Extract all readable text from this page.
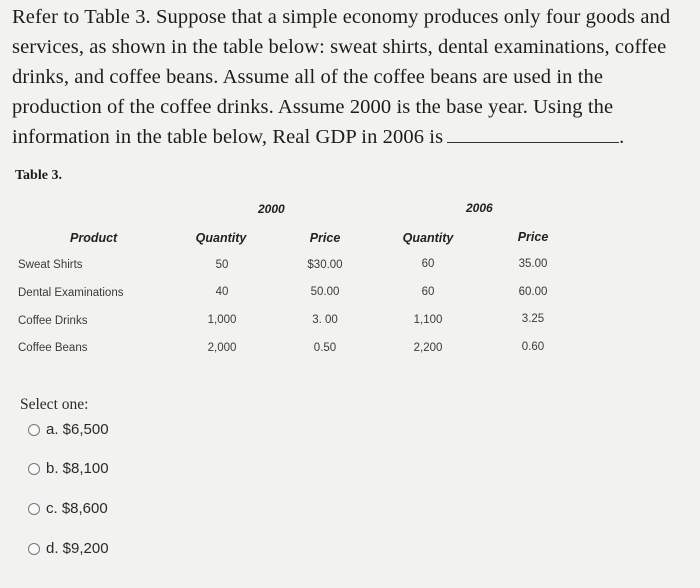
Refer to Table 3. Suppose that a simple economy produces only four goods and services, as shown in the table below: sweat shirts, dental examinations, coffee drinks, and coffee beans. Assume all of the coffee beans are used in the production of the coffee drinks. Assume 2000 is the base year. Using the information in the table below, Real GDP in 2006 is	.
Table 3.
2000	2006
Product	Quantity	Price	Quantity	Price
Sweat Shirts	50	$30.00	60	35.00
Dental Examinations	40	50.00	60	60.00
Coffee Drinks	1,000	3. 00	1,100	3.25
Coffee Beans	2,000	0.50	2,200	0.60
Select one:
a. $6,500
b. $8,100
c. $8,600
d. $9,200
